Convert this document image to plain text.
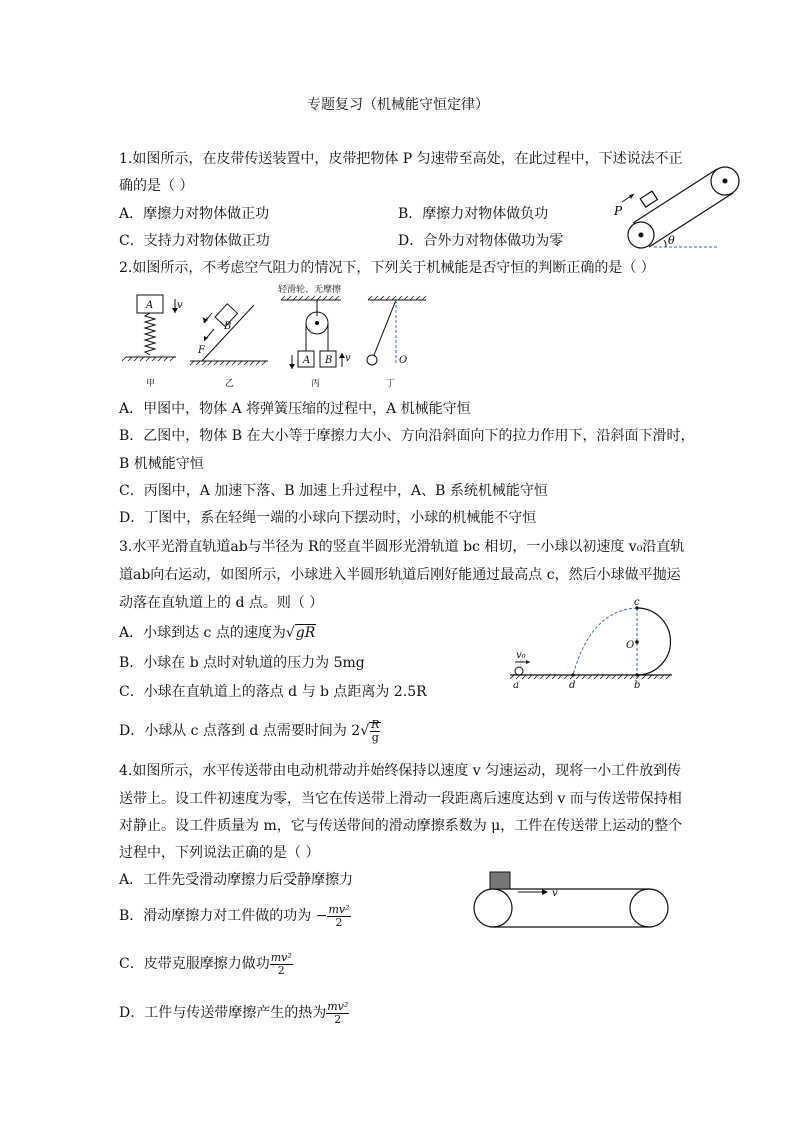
专题复习（机械能守恒定律）
1.如图所示，在皮带传送装置中，皮带把物体 P 匀速带至高处，在此过程中，下述说法不正
确的是（ ）
A．摩擦力对物体做正功	B．摩擦力对物体做负功
C．支持力对物体做正功	D．合外力对物体做功为零
P
θ
2.如图所示，不考虑空气阻力的情况下，下列关于机械能是否守恒的判断正确的是（ ）
A v
B
v
F
A B v	O
轻滑轮、无摩擦
甲	乙	丙	丁
A．甲图中，物体 A 将弹簧压缩的过程中，A 机械能守恒
B．乙图中，物体 B 在大小等于摩擦力大小、方向沿斜面向下的拉力作用下，沿斜面下滑时，
B 机械能守恒
C．丙图中，A 加速下落、B 加速上升过程中，A、B 系统机械能守恒
D．丁图中，系在轻绳一端的小球向下摆动时，小球的机械能不守恒
3.水平光滑直轨道ab与半径为 R的竖直半圆形光滑轨道 bc 相切，一小球以初速度 v₀沿直轨
道ab向右运动，如图所示，小球进入半圆形轨道后刚好能通过最高点 c，然后小球做平抛运
动落在直轨道上的 d 点。则（ ）
A．小球到达 c 点的速度为√gR
B．小球在 b 点时对轨道的压力为 5mg
C．小球在直轨道上的落点 d 与 b 点距离为 2.5R
D．小球从 c 点落到 d 点需要时间为 $2√ \frac{R}{g}$
c
O
v₀
a	d	b
4.如图所示，水平传送带由电动机带动并始终保持以速度 v 匀速运动，现将一小工件放到传
送带上。设工件初速度为零，当它在传送带上滑动一段距离后速度达到 v 而与传送带保持相
对静止。设工件质量为 m，它与传送带间的滑动摩擦系数为 μ，工件在传送带上运动的整个
过程中，下列说法正确的是（ ）
A．工件先受滑动摩擦力后受静摩擦力
B．滑动摩擦力对工件做的功为 − $\frac{\text{mv²}}{2}$
C．皮带克服摩擦力做功 $\frac{\text{mv²}}{2}$
D．工件与传送带摩擦产生的热为 $\frac{\text{mv²}}{2}$
v
